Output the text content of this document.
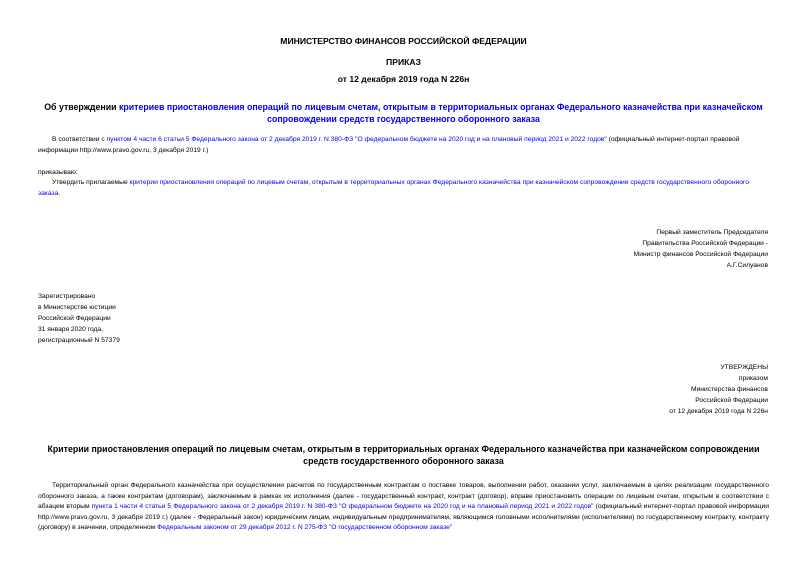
МИНИСТЕРСТВО ФИНАНСОВ РОССИЙСКОЙ ФЕДЕРАЦИИ
ПРИКАЗ
от 12 декабря 2019 года N 226н
Об утверждении критериев приостановления операций по лицевым счетам, открытым в территориальных органах Федерального казначейства при казначейском сопровождении средств государственного оборонного заказа
В соответствии с пунктом 4 части 6 статьи 5 Федерального закона от 2 декабря 2019 г. N 380-ФЗ "О федеральном бюджете на 2020 год и на плановый период 2021 и 2022 годов" (официальный интернет-портал правовой информации http://www.pravo.gov.ru, 3 декабря 2019 г.)
приказываю:
Утвердить прилагаемые критерии приостановления операций по лицевым счетам, открытым в территориальных органах Федерального казначейства при казначейском сопровождении средств государственного оборонного заказа.
Первый заместитель Председателя
Правительства Российской Федерации -
Министр финансов Российской Федерации
А.Г.Силуанов
Зарегистрировано
в Министерстве юстиции
Российской Федерации
31 января 2020 года,
регистрационный N 57379
УТВЕРЖДЕНЫ
приказом
Министерства финансов
Российской Федерации
от 12 декабря 2019 года N 226н
Критерии приостановления операций по лицевым счетам, открытым в территориальных органах Федерального казначейства при казначейском сопровождении средств государственного оборонного заказа
Территориальный орган Федерального казначейства при осуществлении расчетов по государственным контрактам о поставке товаров, выполнении работ, оказании услуг, заключаемым в целях реализации государственного оборонного заказа, а также контрактам (договорам), заключаемым в рамках их исполнения (далее - государственный контракт, контракт (договор), вправе приостановить операции по лицевым счетам, открытым в соответствии с абзацем вторым пункта 1 части 4 статьи 5 Федерального закона от 2 декабря 2019 г. N 380-ФЗ "О федеральном бюджете на 2020 год и на плановый период 2021 и 2022 годов" (официальный интернет-портал правовой информации http://www.pravo.gov.ru, 3 декабря 2019 г.) (далее - Федеральный закон) юридическим лицам, индивидуальным предпринимателям, являющимся головными исполнителями (исполнителями) по государственному контракту, контракту (договору) в значении, определенном Федеральным законом от 29 декабря 2012 г. N 275-ФЗ "О государственном оборонном заказе"
